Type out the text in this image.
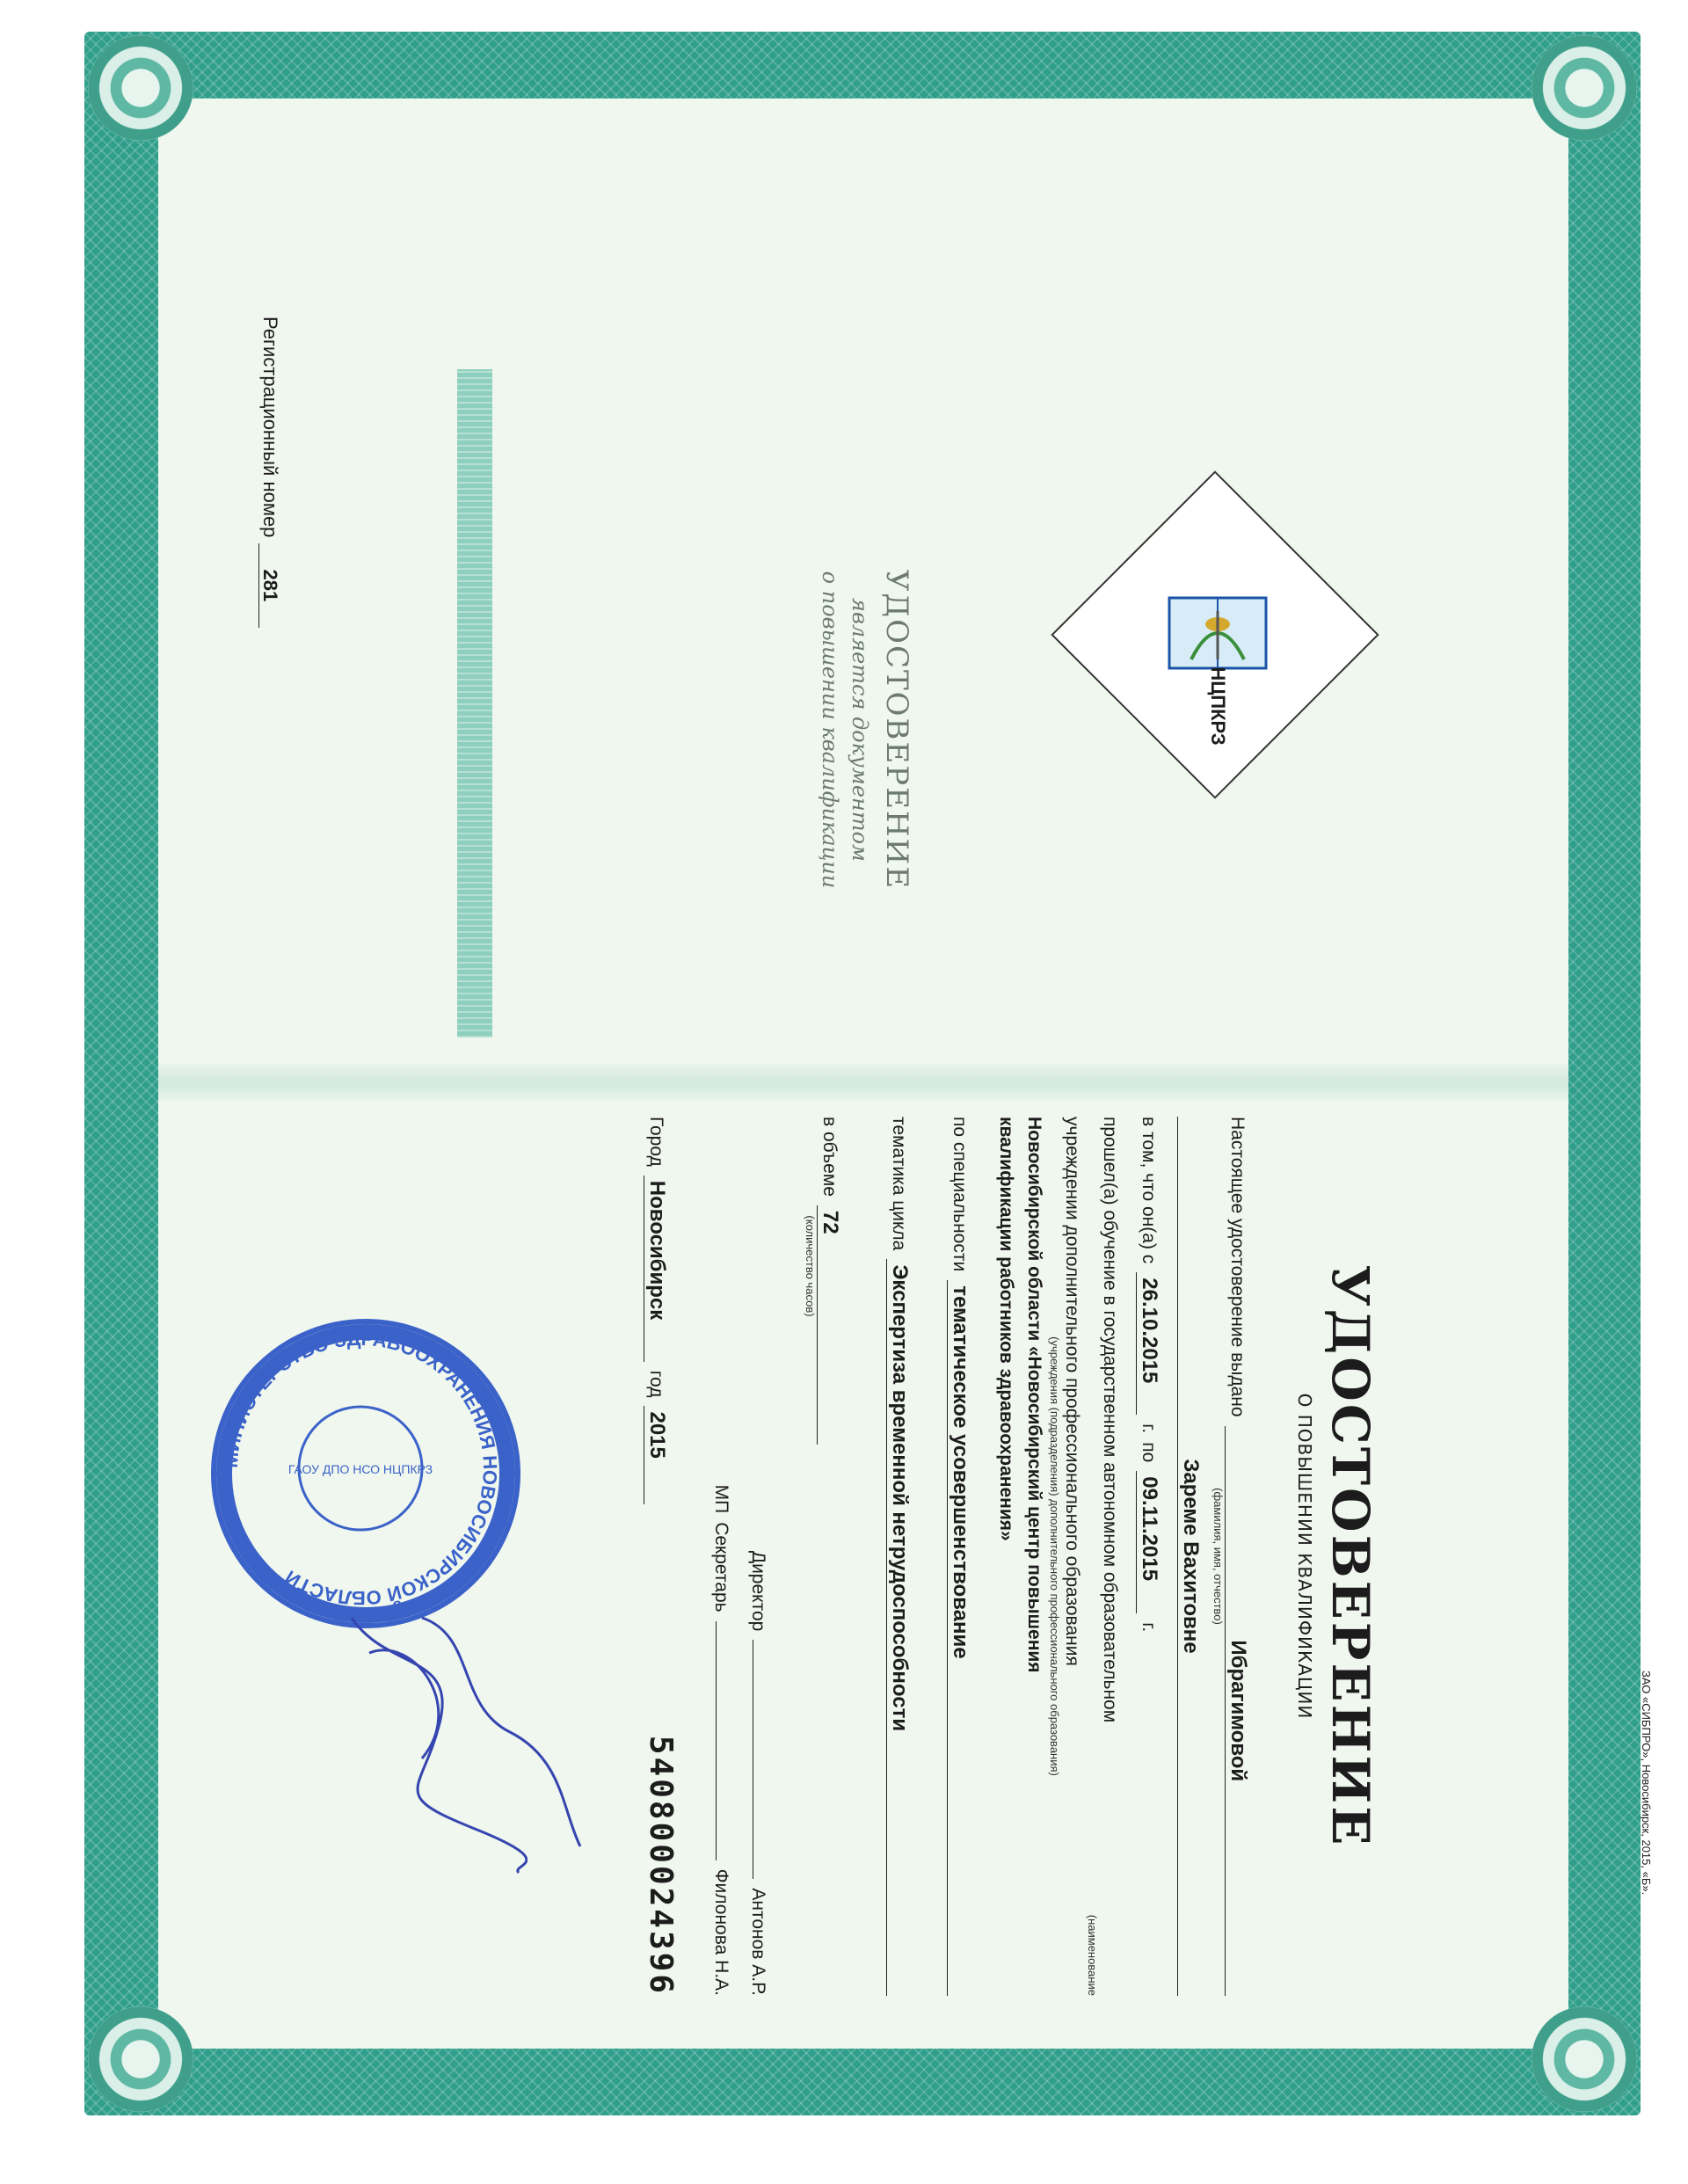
НЦПКРЗ
УДОСТОВЕРЕНИЕ
О ПОВЫШЕНИИ КВАЛИФИКАЦИИ
Настоящее удостоверение выдано
Ибрагимовой
(фамилия, имя, отчество)
Зареме Вахитовне
в том, что он(а) с
26.10.2015
г.
по
09.11.2015
г.
прошел(а) обучение в государственном автономном образовательном
(наименование
учреждении дополнительного профессионального образования
(учреждения (подразделения) дополнительного профессионального образования)
Новосибирской области «Новосибирский центр повышения
квалификации работников здравоохранения»
по специальности
тематическое усовершенствование
тематика цикла
Экспертиза временной нетрудоспособности
в объеме
72
(количество часов)
Директор
Антонов А.Р.
МП
Секретарь
Филонова Н.А.
Город
Новосибирск
год
2015
540800024396	ЗАО «СИБПРО», Новосибирск, 2015, «Б».
УДОСТОВЕРЕНИЕ
является документом
о повышении квалификации
Регистрационный номер 281
МИНИСТЕРСТВО ЗДРАВООХРАНЕНИЯ НОВОСИБИРСКОЙ ОБЛАСТИ
ГАОУ ДПО НСО НЦПКРЗ
